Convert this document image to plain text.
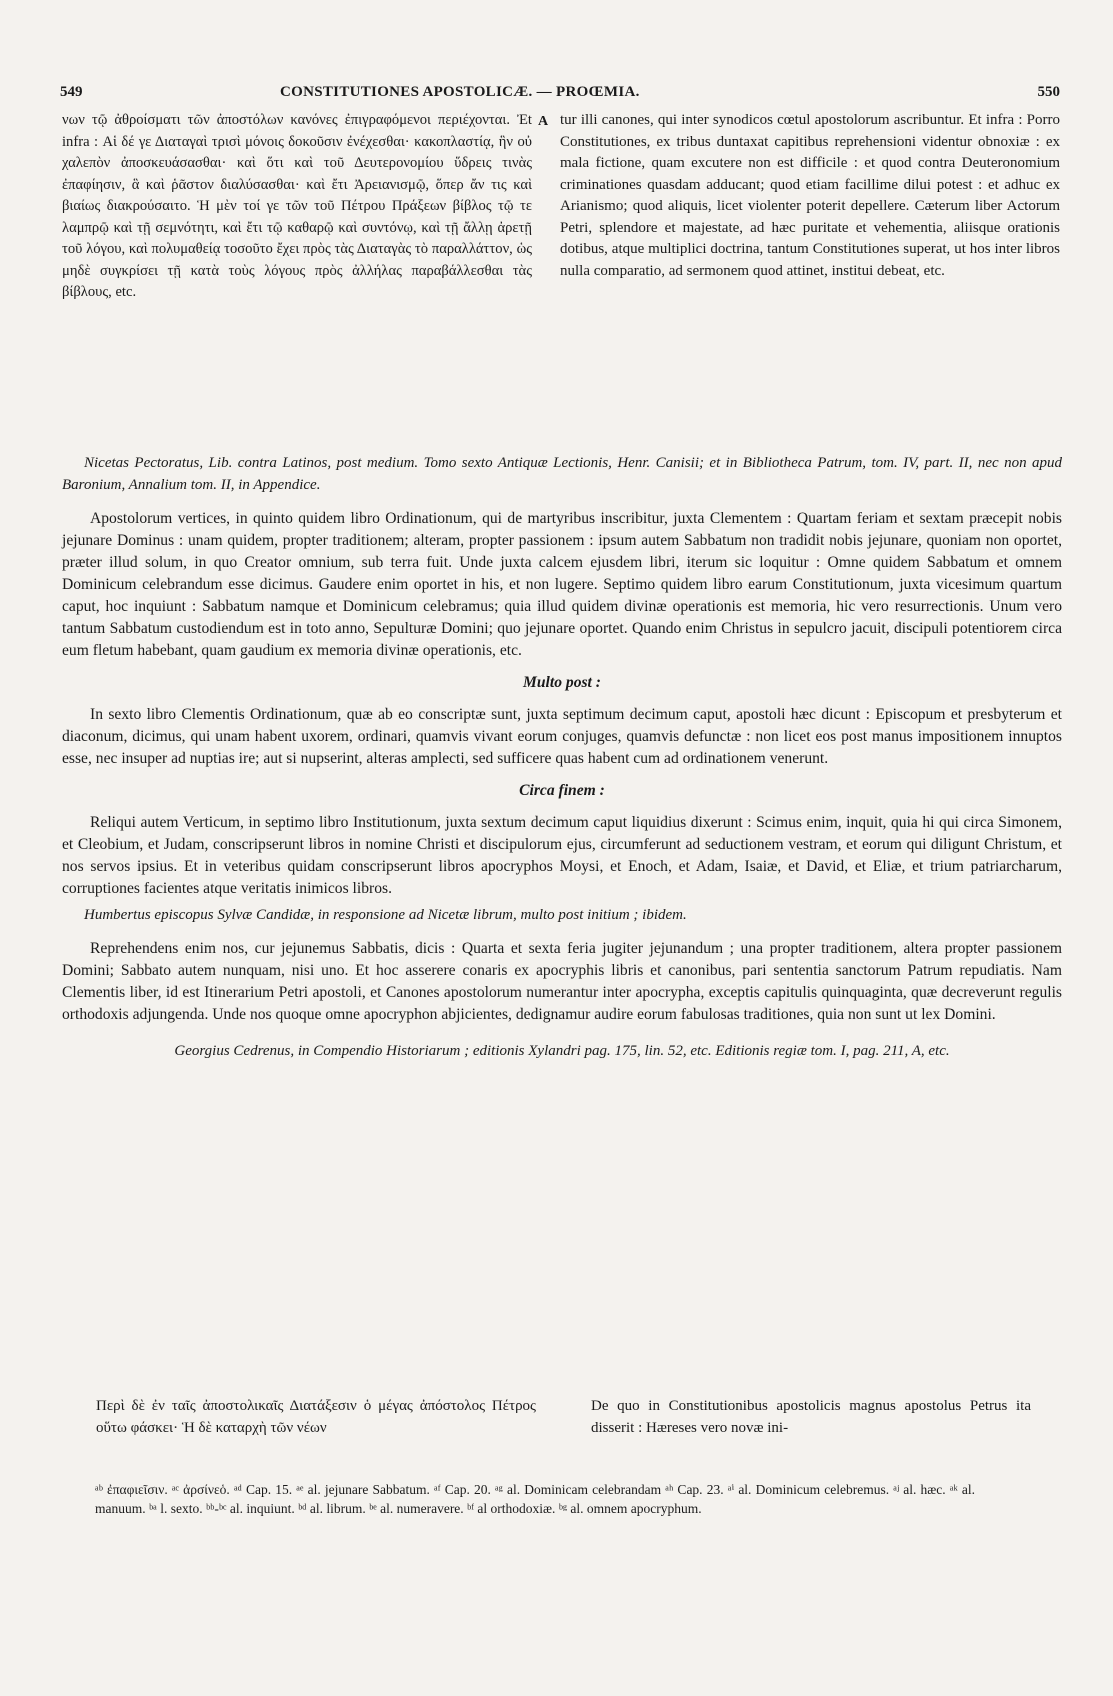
549	CONSTITUTIONES APOSTOLICÆ. — PROŒMIA.	550

νων τῷ ἀθροίσματι τῶν ἀποστόλων κανόνες ἐπιγραφόμενοι περιέχονται. Ἐt infra : Αἱ δέ γε Διαταγαὶ τρισὶ μόνοις δοκοῦσιν ἐνέχεσθαι· κακοπλαστίᾳ, ἣν οὐ χαλεπὸν ἀποσκευάσασθαι· καὶ ὅτι καὶ τοῦ Δευτερονομίου ὕδρεις τινὰς ἐπαφίησιν, ἃ καὶ ῥᾶστον διαλύσασθαι· καὶ ἔτι Ἀρειανισμῷ, ὅπερ ἄν τις καὶ βιαίως διακρούσαιτο. Ἡ μὲν τοί γε τῶν τοῦ Πέτρου Πράξεων βίβλος τῷ τε λαμπρῷ καὶ τῇ σεμνότητι, καὶ ἔτι τῷ καθαρῷ καὶ συντόνῳ, καὶ τῇ ἄλλῃ ἀρετῇ τοῦ λόγου, καὶ πολυμαθείᾳ τοσοῦτο ἔχει πρὸς τὰς Διαταγὰς τὸ παραλλάττον, ὡς μηδὲ συγκρίσει τῇ κατὰ τοὺς λόγους πρὸς ἀλλήλας παραβάλλεσθαι τὰς βίβλους, etc.

A tur illi canones, qui inter synodicos cœtul apostolorum ascribuntur. Et infra : Porro Constitutiones, ex tribus duntaxat capitibus reprehensioni videntur obnoxiæ : ex mala fictione, quam excutere non est difficile : et quod contra Deuteronomium criminationes quasdam adducant; quod etiam facillime dilui potest : et adhuc ex Arianismo; quod aliquis, licet violenter poterit depellere. Cæterum liber Actorum Petri, splendore et majestate, ad hæc puritate et vehementia, aliisque orationis dotibus, atque multiplici doctrina, tantum Constitutiones superat, ut hos inter libros nulla comparatio, ad sermonem quod attinet, institui debeat, etc.

Nicetas Pectoratus, Lib. contra Latinos, post medium. Tomo sexto Antiquæ Lectionis, Henr. Canisii; et in Bibliotheca Patrum, tom. IV, part. II, nec non apud Baronium, Annalium tom. II, in Appendice.

Apostolorum vertices, in quinto quidem libro Ordinationum, qui de martyribus inscribitur, juxta Clementem : Quartam feriam et sextam præcepit nobis jejunare Dominus : unam quidem, propter traditionem; alteram, propter passionem : ipsum autem Sabbatum non tradidit nobis jejunare, quoniam non oportet, præter illud solum, in quo Creator omnium, sub terra fuit. Unde juxta calcem ejusdem libri, iterum sic loquitur : Omne quidem Sabbatum et omnem Dominicum celebrandum esse dicimus. Gaudere enim oportet in his, et non lugere. Septimo quidem libro earum Constitutionum, juxta vicesimum quartum caput, hoc inquiunt : Sabbatum namque et Dominicum celebramus; quia illud quidem divinæ operationis est memoria, hic vero resurrectionis. Unum vero tantum Sabbatum custodiendum est in toto anno, Sepulturæ Domini; quo jejunare oportet. Quando enim Christus in sepulcro jacuit, discipuli potentiorem circa eum fletum habebant, quam gaudium ex memoria divinæ operationis, etc.

Multo post :

In sexto libro Clementis Ordinationum, quæ ab eo conscriptæ sunt, juxta septimum decimum caput, apostoli hæc dicunt : Episcopum et presbyterum et diaconum, dicimus, qui unam habent uxorem, ordinari, quamvis vivant eorum conjuges, quamvis defunctæ : non licet eos post manus impositionem innuptos esse, nec insuper ad nuptias ire; aut si nupserint, alteras amplecti, sed sufficere quas habent cum ad ordinationem venerunt.

Circa finem :

Reliqui autem Verticum, in septimo libro Institutionum, juxta sextum decimum caput liquidius dixerunt : Scimus enim, inquit, quia hi qui circa Simonem, et Cleobium, et Judam, conscripserunt libros in nomine Christi et discipulorum ejus, circumferunt ad seductionem vestram, et eorum qui diligunt Christum, et nos servos ipsius. Et in veteribus quidam conscripserunt libros apocryphos Moysi, et Enoch, et Adam, Isaiæ, et David, et Eliæ, et trium patriarcharum, corruptiones facientes atque veritatis inimicos libros.

Humbertus episcopus Sylvæ Candidæ, in responsione ad Nicetæ librum, multo post initium ; ibidem.

Reprehendens enim nos, cur jejunemus Sabbatis, dicis : Quarta et sexta feria jugiter jejunandum ; una propter traditionem, altera propter passionem Domini; Sabbato autem nunquam, nisi uno. Et hoc asserere conaris ex apocryphis libris et canonibus, pari sententia sanctorum Patrum repudiatis. Nam Clementis liber, id est Itinerarium Petri apostoli, et Canones apostolorum numerantur inter apocrypha, exceptis capitulis quinquaginta, quæ decreverunt regulis orthodoxis adjungenda. Unde nos quoque omne apocryphon abjicientes, dedignamur audire eorum fabulosas traditiones, quia non sunt ut lex Domini.

Georgius Cedrenus, in Compendio Historiarum ; editionis Xylandri pag. 175, lin. 52, etc. Editionis regiæ tom. I, pag. 211, A, etc.

Περὶ δὲ ἐν ταῖς ἀποστολικαῖς Διατάξεσιν ὁ μέγας ἀπόστολος Πέτρος οὕτω φάσκει· Ἡ δὲ καταρχὴ τῶν νέων

De quo in Constitutionibus apostolicis magnus apostolus Petrus ita disserit : Hæreses vero novæ ini-

ᵃᵇ ἐπαφιεῖσιν. ᵃᶜ ἀρσίνεὁ. ᵃᵈ Cap. 15. ᵃᵉ al. jejunare Sabbatum. ᵃᶠ Cap. 20. ᵃᵍ al. Dominicam celebrandam ᵃʰ Cap. 23. ᵃⁱ al. Dominicum celebremus. ᵃʲ al. hæc. ᵃᵏ al. manuum. ᵇᵃ l. sexto. ᵇᵇ-ᵇᶜ al. inquiunt. ᵇᵈ al. librum. ᵇᵉ al. numeravere. ᵇᶠ al orthodoxiæ. ᵇᵍ al. omnem apocryphum.
